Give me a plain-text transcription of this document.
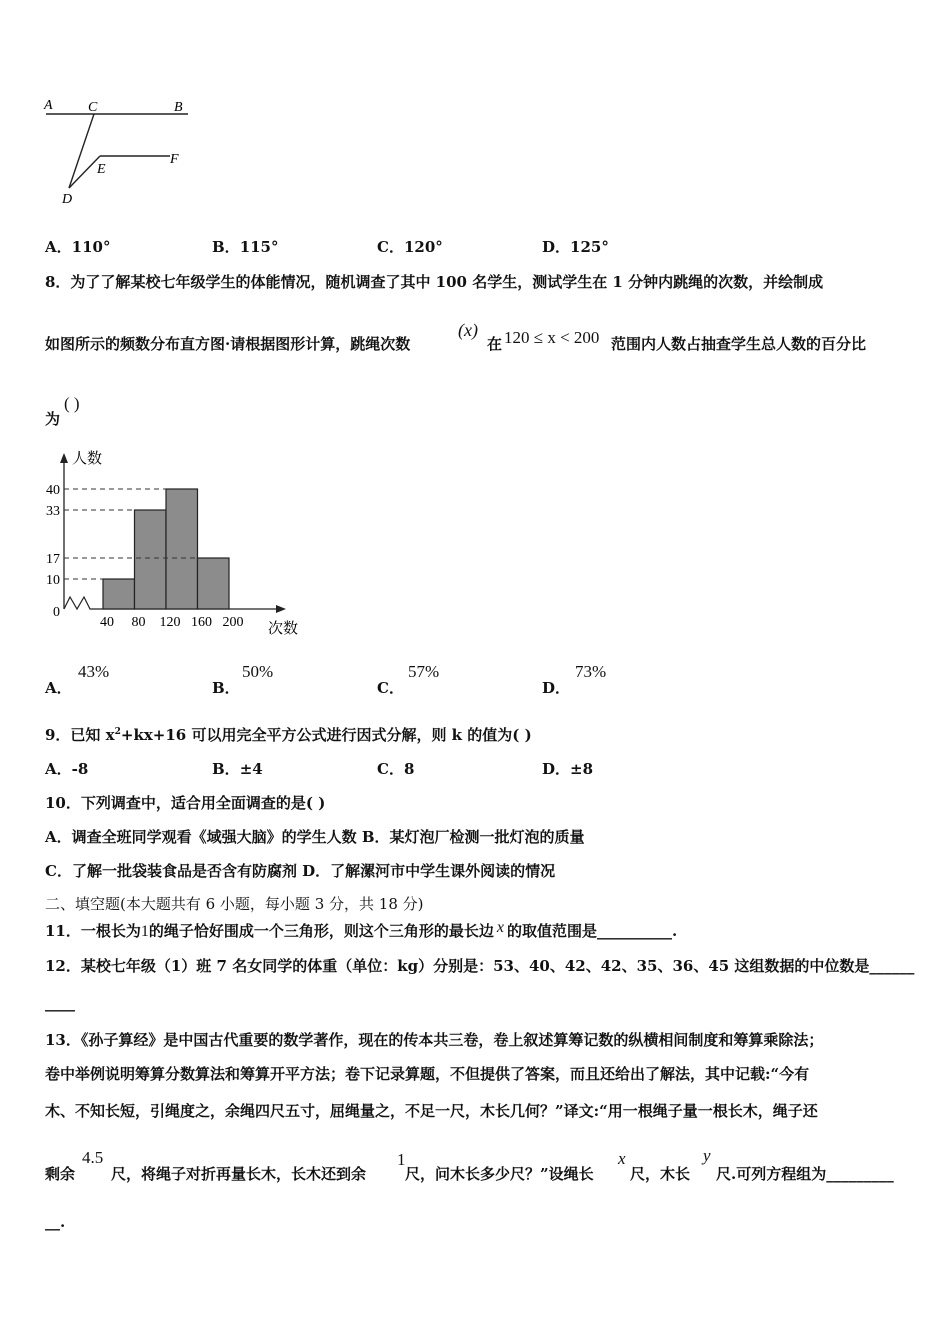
A	C	B
E
F
D
A．110°	B．115°	C．120°	D．125°
8．为了了解某校七年级学生的体能情况，随机调查了其中 100 名学生，测试学生在 1 分钟内跳绳的次数，并绘制成
如图所示的频数分布直方图·请根据图形计算，跳绳次数
(x)
在 120 ≤ x < 200 范围内人数占抽查学生总人数的百分比
为
( )
人数
次数
0
10
17
33
40
40 80 120 160 200
A．
43%
B．
50%
C．
57%
D．
73%
9．已知 $x^2+kx+16$ 可以用完全平方公式进行因式分解，则 k 的值为( )
A．-8	B．±4	C．8	D．±8
10．下列调查中，适合用全面调查的是( )
A．调查全班同学观看《域强大脑》的学生人数 B．某灯泡厂检测一批灯泡的质量
C．了解一批袋装食品是否含有防腐剂 D．了解漯河市中学生课外阅读的情况
二、填空题(本大题共有 6 小题，每小题 3 分，共 18 分)
11．一根长为1的绳子恰好围成一个三角形，则这个三角形的最长边 x 的取值范围是__________.
12．某校七年级（1）班 7 名女同学的体重（单位：kg）分别是：53、40、42、42、35、36、45 这组数据的中位数是______
____
13．《孙子算经》是中国古代重要的数学著作，现在的传本共三卷，卷上叙述算筹记数的纵横相间制度和筹算乘除法；
卷中举例说明筹算分数算法和筹算开平方法；卷下记录算题，不但提供了答案，而且还给出了解法，其中记载:“今有
木、不知长短，引绳度之，余绳四尺五寸，屈绳量之，不足一尺，木长几何？”译文:“用一根绳子量一根长木，绳子还
剩余
4.5
尺，将绳子对折再量长木，长木还到余
1
尺，问木长多少尺？”设绳长
x
尺，木长
y
尺.可列方程组为_________
__.
